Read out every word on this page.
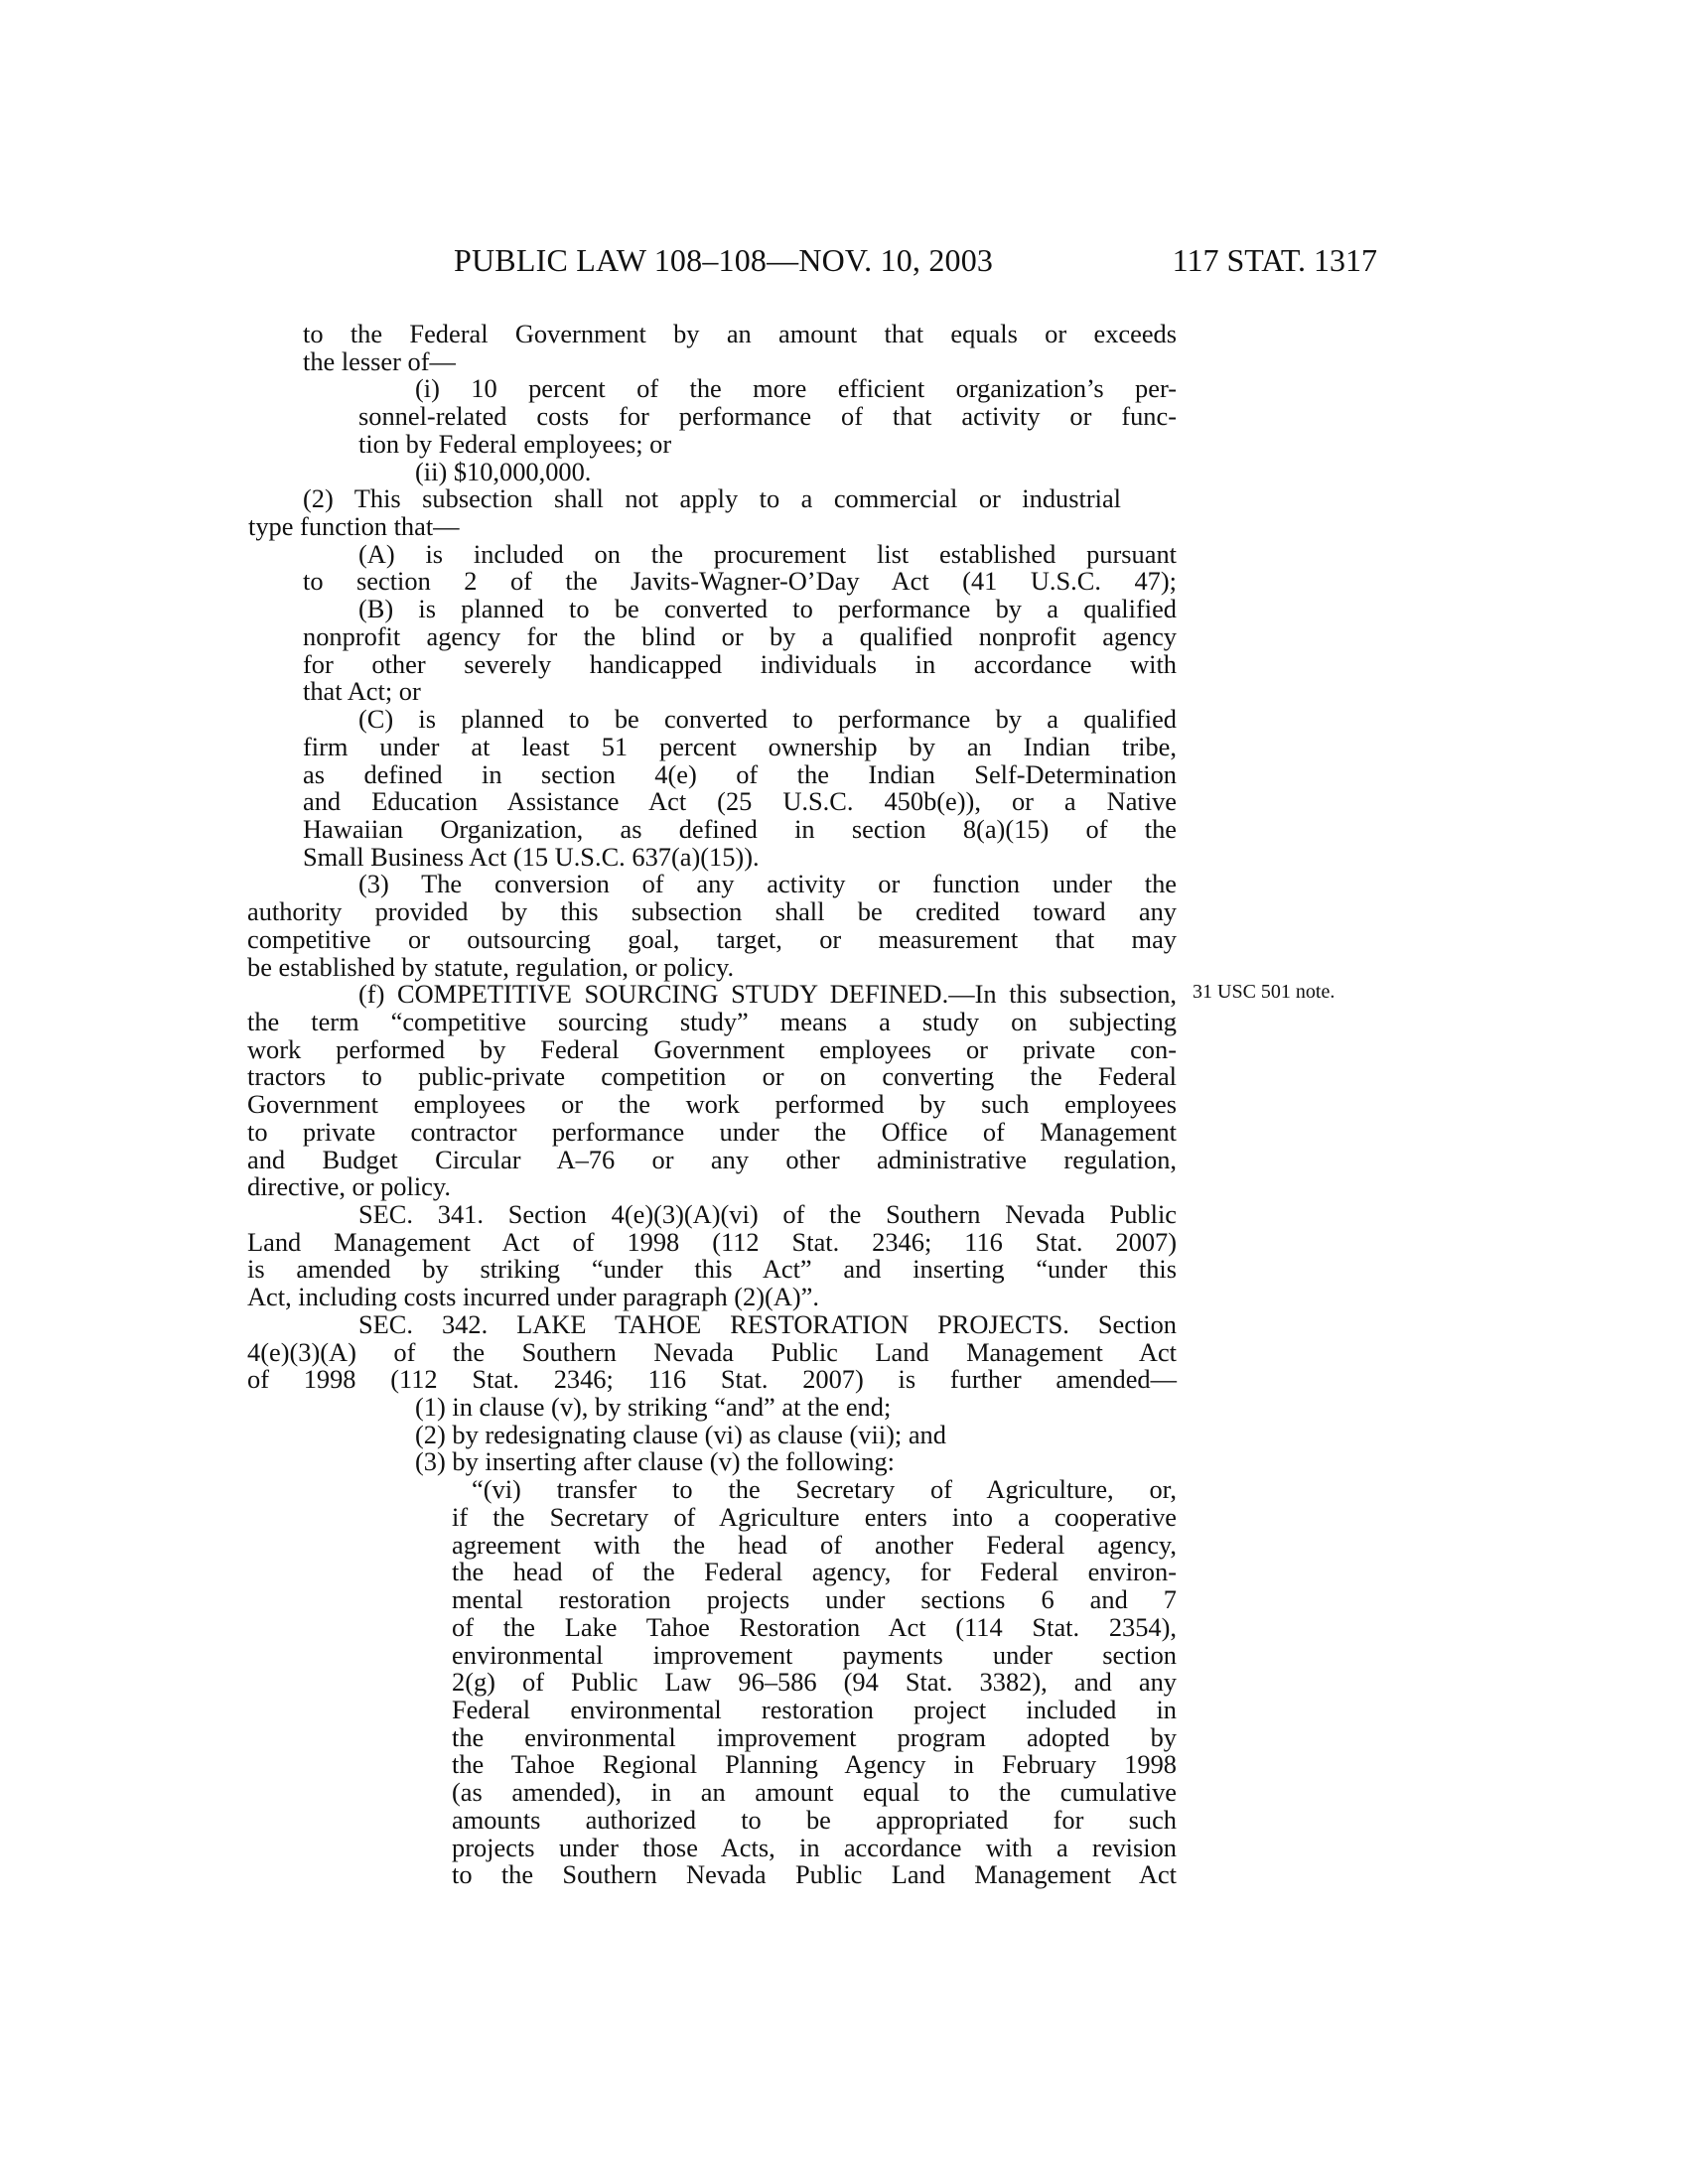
PUBLIC LAW 108–108—NOV. 10, 2003	117 STAT. 1317
31 USC 501 note.
to the Federal Government by an amount that equals or exceeds
the lesser of—
(i) 10 percent of the more efficient organization’s per-
sonnel-related costs for performance of that activity or func-
tion by Federal employees; or
(ii) $10,000,000.
(2) This subsection shall not apply to a commercial or industrial
type function that—
(A) is included on the procurement list established pursuant
to section 2 of the Javits-Wagner-O’Day Act (41 U.S.C. 47);
(B) is planned to be converted to performance by a qualified
nonprofit agency for the blind or by a qualified nonprofit agency
for other severely handicapped individuals in accordance with
that Act; or
(C) is planned to be converted to performance by a qualified
firm under at least 51 percent ownership by an Indian tribe,
as defined in section 4(e) of the Indian Self-Determination
and Education Assistance Act (25 U.S.C. 450b(e)), or a Native
Hawaiian Organization, as defined in section 8(a)(15) of the
Small Business Act (15 U.S.C. 637(a)(15)).
(3) The conversion of any activity or function under the
authority provided by this subsection shall be credited toward any
competitive or outsourcing goal, target, or measurement that may
be established by statute, regulation, or policy.
(f) COMPETITIVE SOURCING STUDY DEFINED.—In this subsection,
the term “competitive sourcing study” means a study on subjecting
work performed by Federal Government employees or private con-
tractors to public-private competition or on converting the Federal
Government employees or the work performed by such employees
to private contractor performance under the Office of Management
and Budget Circular A–76 or any other administrative regulation,
directive, or policy.
SEC. 341. Section 4(e)(3)(A)(vi) of the Southern Nevada Public
Land Management Act of 1998 (112 Stat. 2346; 116 Stat. 2007)
is amended by striking “under this Act” and inserting “under this
Act, including costs incurred under paragraph (2)(A)”.
SEC. 342. LAKE TAHOE RESTORATION PROJECTS. Section
4(e)(3)(A) of the Southern Nevada Public Land Management Act
of 1998 (112 Stat. 2346; 116 Stat. 2007) is further amended—
(1) in clause (v), by striking “and” at the end;
(2) by redesignating clause (vi) as clause (vii); and
(3) by inserting after clause (v) the following:
“(vi) transfer to the Secretary of Agriculture, or,
if the Secretary of Agriculture enters into a cooperative
agreement with the head of another Federal agency,
the head of the Federal agency, for Federal environ-
mental restoration projects under sections 6 and 7
of the Lake Tahoe Restoration Act (114 Stat. 2354),
environmental improvement payments under section
2(g) of Public Law 96–586 (94 Stat. 3382), and any
Federal environmental restoration project included in
the environmental improvement program adopted by
the Tahoe Regional Planning Agency in February 1998
(as amended), in an amount equal to the cumulative
amounts authorized to be appropriated for such
projects under those Acts, in accordance with a revision
to the Southern Nevada Public Land Management Act
